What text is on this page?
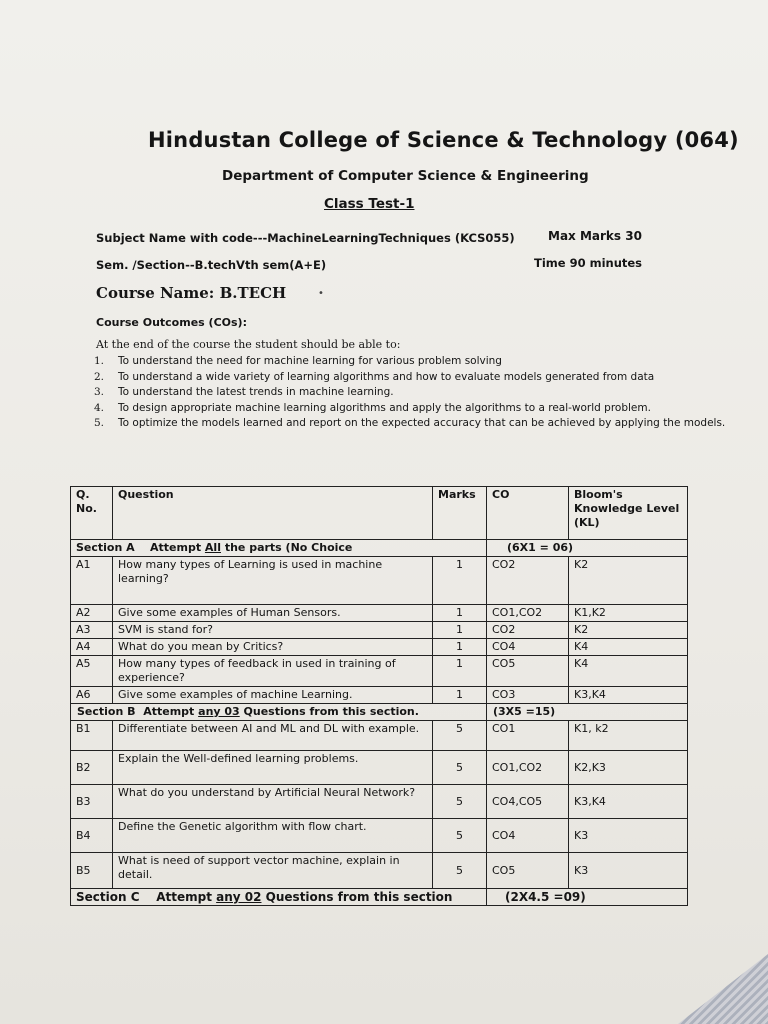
Hindustan College of Science & Technology (064)
Department of Computer Science & Engineering
Class Test-1
Subject Name with code---MachineLearningTechniques (KCS055)	Max Marks 30
Sem. /Section--B.techVth sem(A+E)	Time 90 minutes
Course Name: B.TECH	•
Course Outcomes (COs):
At the end of the course the student should be able to:
1. To understand the need for machine learning for various problem solving
2. To understand a wide variety of learning algorithms and how to evaluate models generated from data
3. To understand the latest trends in machine learning.
4. To design appropriate machine learning algorithms and apply the algorithms to a real-world problem.
5. To optimize the models learned and report on the expected accuracy that can be achieved by applying the models.
Q. No.	Question	Marks	CO	Bloom's Knowledge Level (KL)
Section A Attempt All the parts (No Choice			(6X1 = 06)	
A1	How many types of Learning is used in machine learning?	1	CO2	K2
A2	Give some examples of Human Sensors.	1	CO1,CO2	K1,K2
A3	SVM is stand for?	1	CO2	K2
A4	What do you mean by Critics?	1	CO4	K4
A5	How many types of feedback in used in training of experience?	1	CO5	K4
A6	Give some examples of machine Learning.	1	CO3	K3,K4
Section B Attempt any 03 Questions from this section.			(3X5 =15)	
B1	Differentiate between AI and ML and DL with example.	5	CO1	K1, k2
B2	Explain the Well-defined learning problems.	5	CO1,CO2	K2,K3
B3	What do you understand by Artificial Neural Network?	5	CO4,CO5	K3,K4
B4	Define the Genetic algorithm with flow chart.	5	CO4	K3
B5	What is need of support vector machine, explain in detail.	5	CO5	K3
Section C Attempt any 02 Questions from this section			(2X4.5 =09)	
